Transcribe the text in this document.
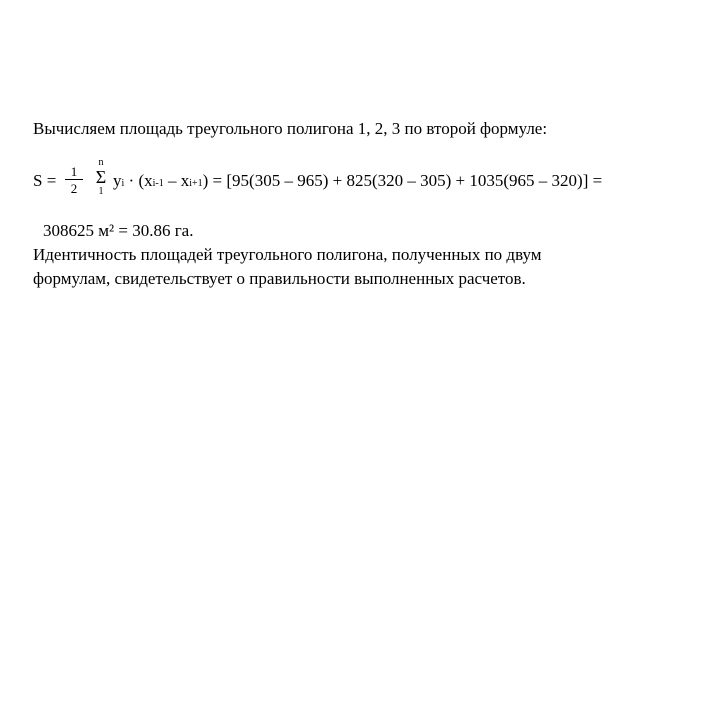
Вычисляем площадь треугольного полигона 1, 2, 3 по второй формуле:
S =	1
2
n
Σ
1
yi · (xi-1 – xi+1) = [95(305 – 965) + 825(320 – 305) + 1035(965 – 320)] =
308625 м² = 30.86 га.
Идентичность площадей треугольного полигона, полученных по двум
формулам, свидетельствует о правильности выполненных расчетов.
